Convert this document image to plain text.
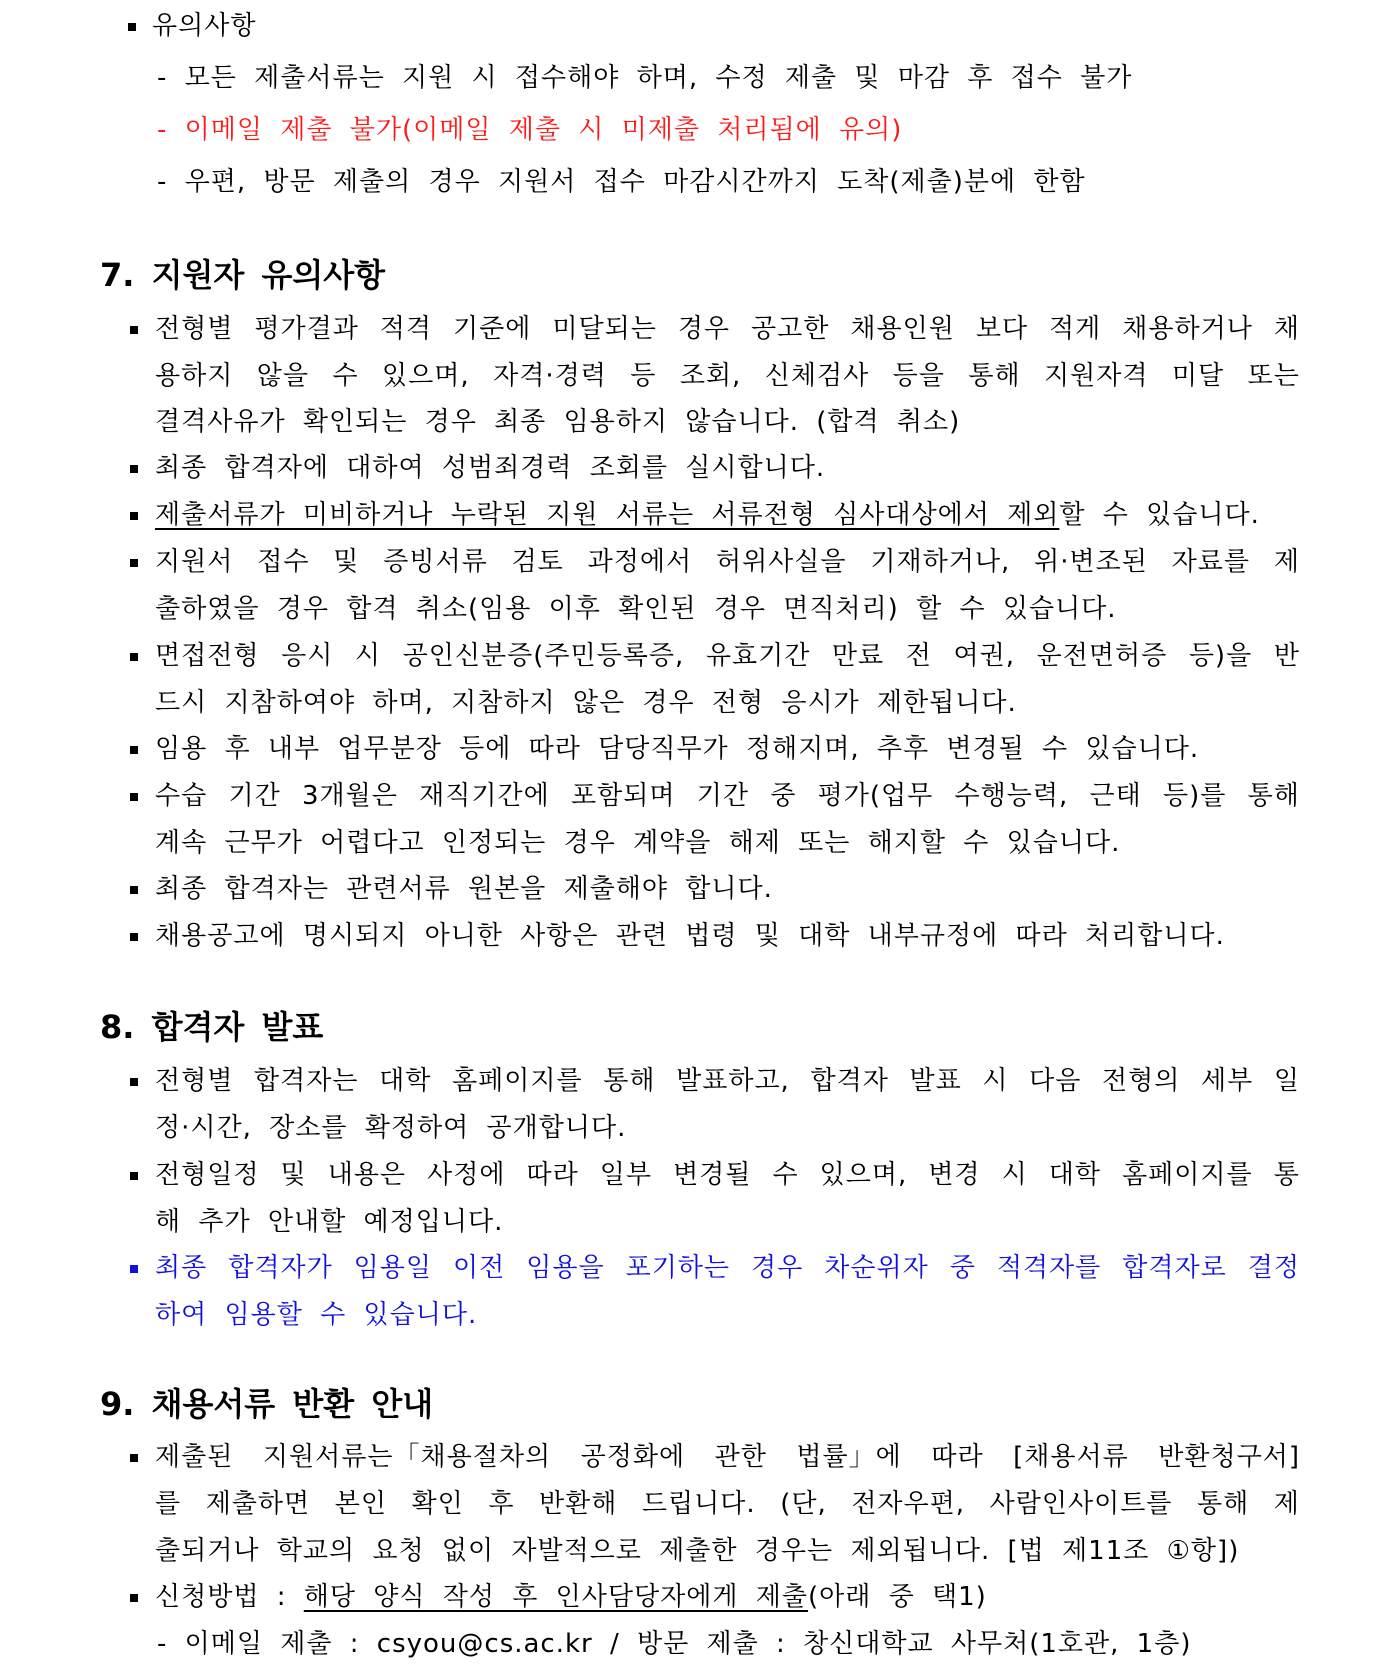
유의사항
- 모든 제출서류는 지원 시 접수해야 하며, 수정 제출 및 마감 후 접수 불가
- 이메일 제출 불가(이메일 제출 시 미제출 처리됨에 유의)
- 우편, 방문 제출의 경우 지원서 접수 마감시간까지 도착(제출)분에 한함
7. 지원자 유의사항
전형별 평가결과 적격 기준에 미달되는 경우 공고한 채용인원 보다 적게 채용하거나 채
용하지 않을 수 있으며, 자격·경력 등 조회, 신체검사 등을 통해 지원자격 미달 또는
결격사유가 확인되는 경우 최종 임용하지 않습니다. (합격 취소)
최종 합격자에 대하여 성범죄경력 조회를 실시합니다.
제출서류가 미비하거나 누락된 지원 서류는 서류전형 심사대상에서 제외할 수 있습니다.
지원서 접수 및 증빙서류 검토 과정에서 허위사실을 기재하거나, 위·변조된 자료를 제
출하였을 경우 합격 취소(임용 이후 확인된 경우 면직처리) 할 수 있습니다.
면접전형 응시 시 공인신분증(주민등록증, 유효기간 만료 전 여권, 운전면허증 등)을 반
드시 지참하여야 하며, 지참하지 않은 경우 전형 응시가 제한됩니다.
임용 후 내부 업무분장 등에 따라 담당직무가 정해지며, 추후 변경될 수 있습니다.
수습 기간 3개월은 재직기간에 포함되며 기간 중 평가(업무 수행능력, 근태 등)를 통해
계속 근무가 어렵다고 인정되는 경우 계약을 해제 또는 해지할 수 있습니다.
최종 합격자는 관련서류 원본을 제출해야 합니다.
채용공고에 명시되지 아니한 사항은 관련 법령 및 대학 내부규정에 따라 처리합니다.
8. 합격자 발표
전형별 합격자는 대학 홈페이지를 통해 발표하고, 합격자 발표 시 다음 전형의 세부 일
정·시간, 장소를 확정하여 공개합니다.
전형일정 및 내용은 사정에 따라 일부 변경될 수 있으며, 변경 시 대학 홈페이지를 통
해 추가 안내할 예정입니다.
최종 합격자가 임용일 이전 임용을 포기하는 경우 차순위자 중 적격자를 합격자로 결정
하여 임용할 수 있습니다.
9. 채용서류 반환 안내
제출된 지원서류는「채용절차의 공정화에 관한 법률」에 따라 [채용서류 반환청구서]
를 제출하면 본인 확인 후 반환해 드립니다. (단, 전자우편, 사람인사이트를 통해 제
출되거나 학교의 요청 없이 자발적으로 제출한 경우는 제외됩니다. [법 제11조 ①항])
신청방법 : 해당 양식 작성 후 인사담당자에게 제출(아래 중 택1)
- 이메일 제출 : csyou@cs.ac.kr / 방문 제출 : 창신대학교 사무처(1호관, 1층)
